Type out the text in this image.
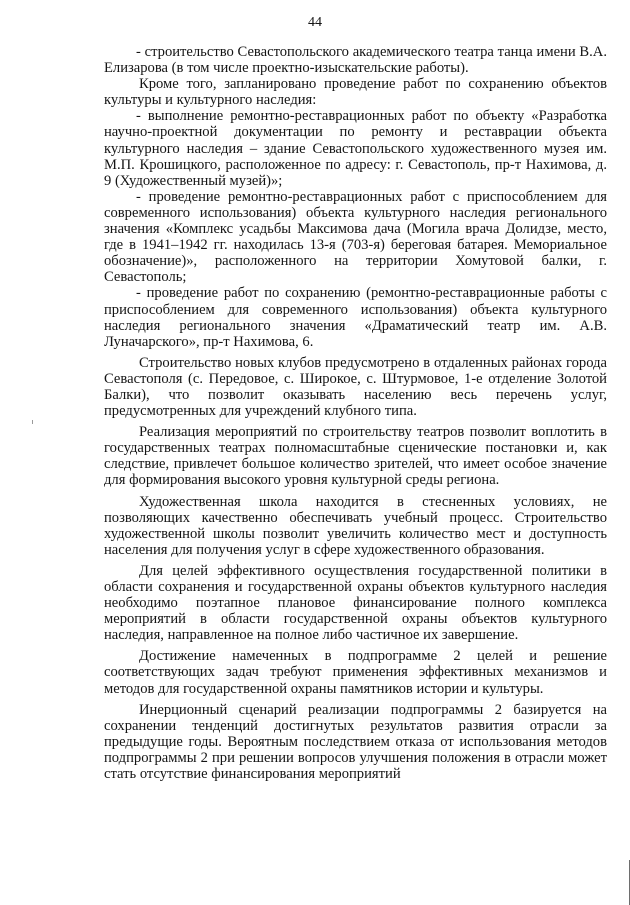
44

- строительство Севастопольского академического театра танца имени В.А. Елизарова (в том числе проектно-изыскательские работы).

Кроме того, запланировано проведение работ по сохранению объектов культуры и культурного наследия:

- выполнение ремонтно-реставрационных работ по объекту «Разработка научно-проектной документации по ремонту и реставрации объекта культурного наследия – здание Севастопольского художественного музея им. М.П. Крошицкого, расположенное по адресу: г. Севастополь, пр-т Нахимова, д. 9 (Художественный музей)»;

- проведение ремонтно-реставрационных работ с приспособлением для современного использования) объекта культурного наследия регионального значения «Комплекс усадьбы Максимова дача (Могила врача Долидзе, место, где в 1941–1942 гг. находилась 13-я (703-я) береговая батарея. Мемориальное обозначение)», расположенного на территории Хомутовой балки, г. Севастополь;

- проведение работ по сохранению (ремонтно-реставрационные работы с приспособлением для современного использования) объекта культурного наследия регионального значения «Драматический театр им. А.В. Луначарского», пр-т Нахимова, 6.

Строительство новых клубов предусмотрено в отдаленных районах города Севастополя (с. Передовое, с. Широкое, с. Штурмовое, 1-е отделение Золотой Балки), что позволит оказывать населению весь перечень услуг, предусмотренных для учреждений клубного типа.

Реализация мероприятий по строительству театров позволит воплотить в государственных театрах полномасштабные сценические постановки и, как следствие, привлечет большое количество зрителей, что имеет особое значение для формирования высокого уровня культурной среды региона.

Художественная школа находится в стесненных условиях, не позволяющих качественно обеспечивать учебный процесс. Строительство художественной школы позволит увеличить количество мест и доступность населения для получения услуг в сфере художественного образования.

Для целей эффективного осуществления государственной политики в области сохранения и государственной охраны объектов культурного наследия необходимо поэтапное плановое финансирование полного комплекса мероприятий в области государственной охраны объектов культурного наследия, направленное на полное либо частичное их завершение.

Достижение намеченных в подпрограмме 2 целей и решение соответствующих задач требуют применения эффективных механизмов и методов для государственной охраны памятников истории и культуры.

Инерционный сценарий реализации подпрограммы 2 базируется на сохранении тенденций достигнутых результатов развития отрасли за предыдущие годы. Вероятным последствием отказа от использования методов подпрограммы 2 при решении вопросов улучшения положения в отрасли может стать отсутствие финансирования мероприятий
